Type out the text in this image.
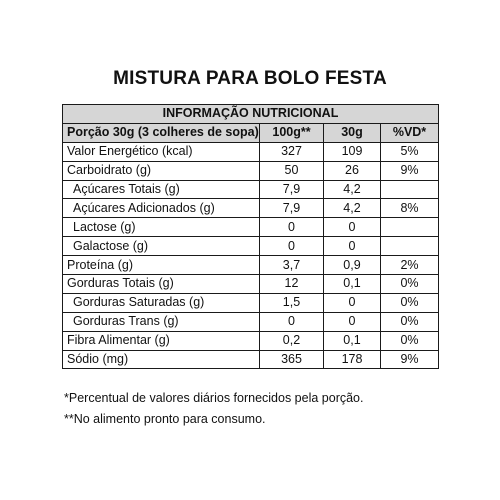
MISTURA PARA BOLO FESTA
INFORMAÇÃO NUTRICIONAL			
Porção 30g (3 colheres de sopa)	100g**	30g	%VD*
Valor Energético (kcal)	327	109	5%
Carboidrato (g)	50	26	9%
Açúcares Totais (g)	7,9	4,2	
Açúcares Adicionados (g)	7,9	4,2	8%
Lactose (g)	0	0	
Galactose (g)	0	0	
Proteína (g)	3,7	0,9	2%
Gorduras Totais (g)	12	0,1	0%
Gorduras Saturadas (g)	1,5	0	0%
Gorduras Trans (g)	0	0	0%
Fibra Alimentar (g)	0,2	0,1	0%
Sódio (mg)	365	178	9%
*Percentual de valores diários fornecidos pela porção.
**No alimento pronto para consumo.
